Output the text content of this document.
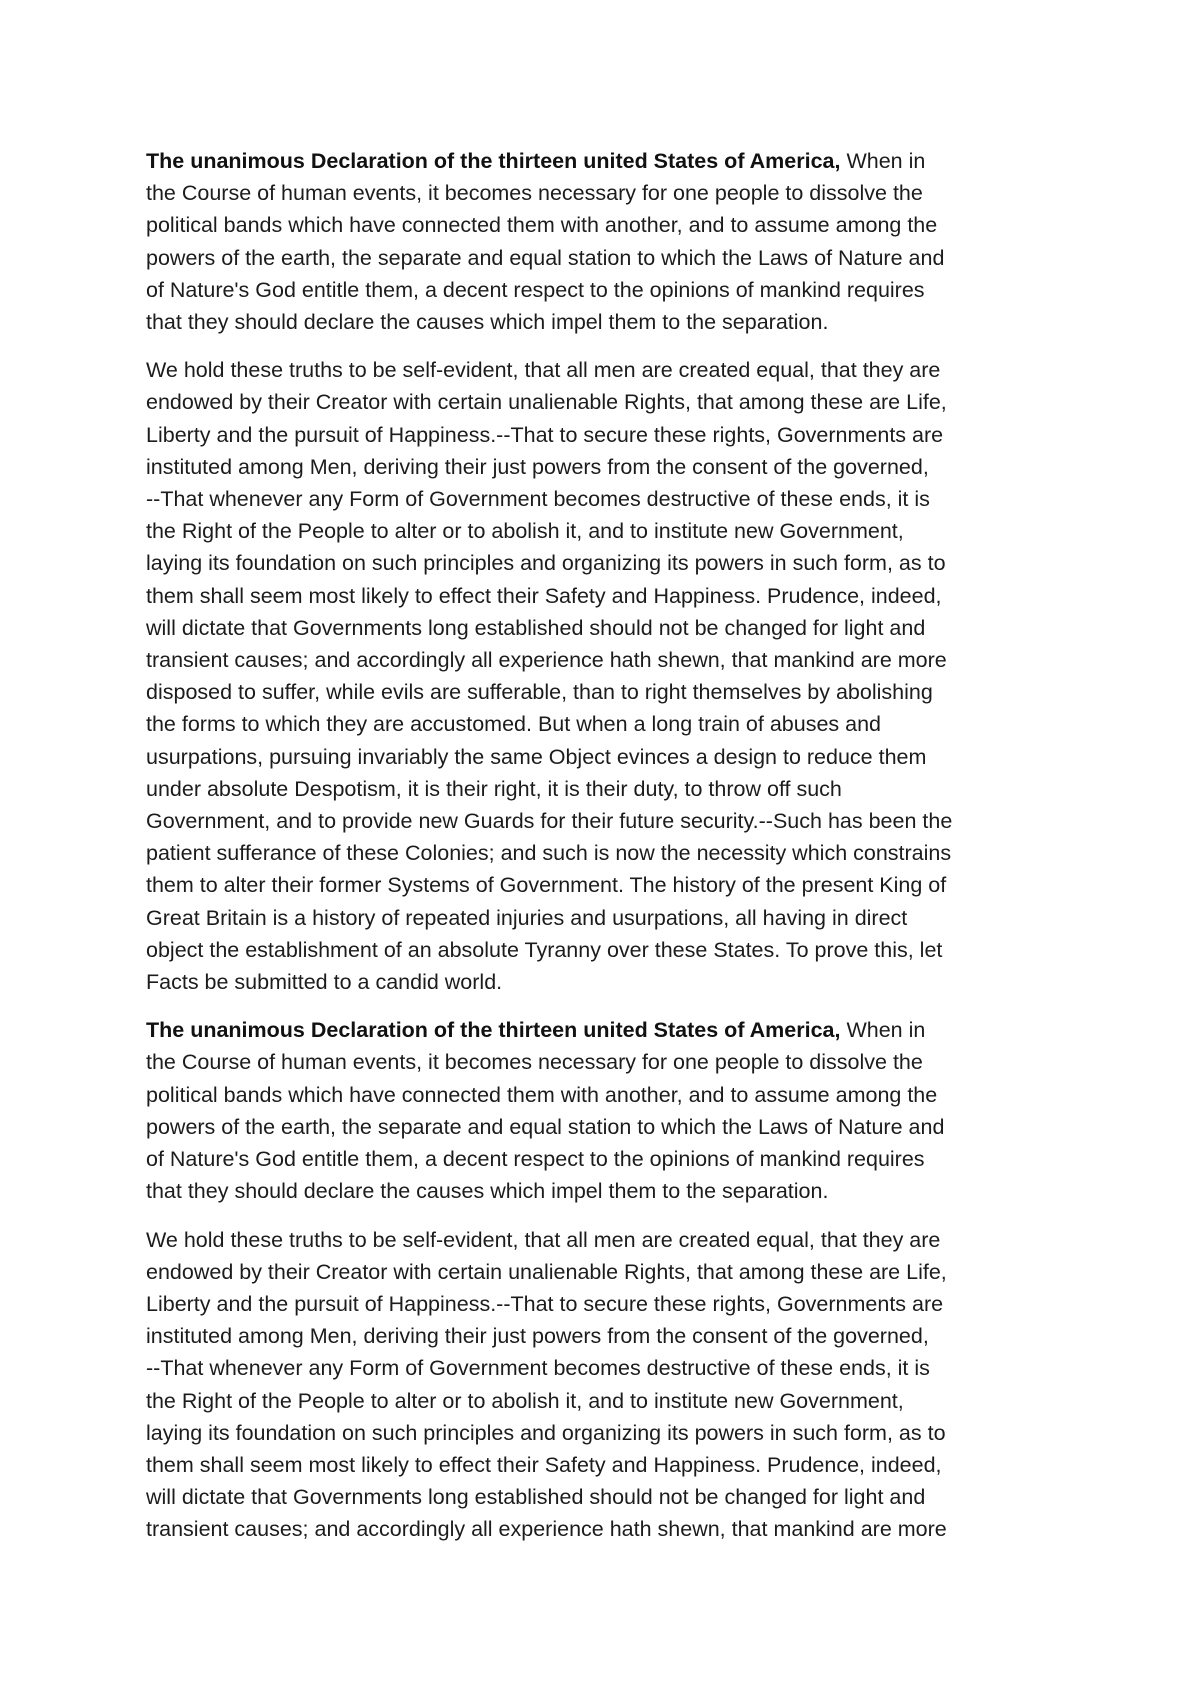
The unanimous Declaration of the thirteen united States of America, When in
the Course of human events, it becomes necessary for one people to dissolve the
political bands which have connected them with another, and to assume among the
powers of the earth, the separate and equal station to which the Laws of Nature and
of Nature's God entitle them, a decent respect to the opinions of mankind requires
that they should declare the causes which impel them to the separation.

We hold these truths to be self-evident, that all men are created equal, that they are
endowed by their Creator with certain unalienable Rights, that among these are Life,
Liberty and the pursuit of Happiness.--That to secure these rights, Governments are
instituted among Men, deriving their just powers from the consent of the governed,
--That whenever any Form of Government becomes destructive of these ends, it is
the Right of the People to alter or to abolish it, and to institute new Government,
laying its foundation on such principles and organizing its powers in such form, as to
them shall seem most likely to effect their Safety and Happiness. Prudence, indeed,
will dictate that Governments long established should not be changed for light and
transient causes; and accordingly all experience hath shewn, that mankind are more
disposed to suffer, while evils are sufferable, than to right themselves by abolishing
the forms to which they are accustomed. But when a long train of abuses and
usurpations, pursuing invariably the same Object evinces a design to reduce them
under absolute Despotism, it is their right, it is their duty, to throw off such
Government, and to provide new Guards for their future security.--Such has been the
patient sufferance of these Colonies; and such is now the necessity which constrains
them to alter their former Systems of Government. The history of the present King of
Great Britain is a history of repeated injuries and usurpations, all having in direct
object the establishment of an absolute Tyranny over these States. To prove this, let
Facts be submitted to a candid world.

The unanimous Declaration of the thirteen united States of America, When in
the Course of human events, it becomes necessary for one people to dissolve the
political bands which have connected them with another, and to assume among the
powers of the earth, the separate and equal station to which the Laws of Nature and
of Nature's God entitle them, a decent respect to the opinions of mankind requires
that they should declare the causes which impel them to the separation.

We hold these truths to be self-evident, that all men are created equal, that they are
endowed by their Creator with certain unalienable Rights, that among these are Life,
Liberty and the pursuit of Happiness.--That to secure these rights, Governments are
instituted among Men, deriving their just powers from the consent of the governed,
--That whenever any Form of Government becomes destructive of these ends, it is
the Right of the People to alter or to abolish it, and to institute new Government,
laying its foundation on such principles and organizing its powers in such form, as to
them shall seem most likely to effect their Safety and Happiness. Prudence, indeed,
will dictate that Governments long established should not be changed for light and
transient causes; and accordingly all experience hath shewn, that mankind are more
